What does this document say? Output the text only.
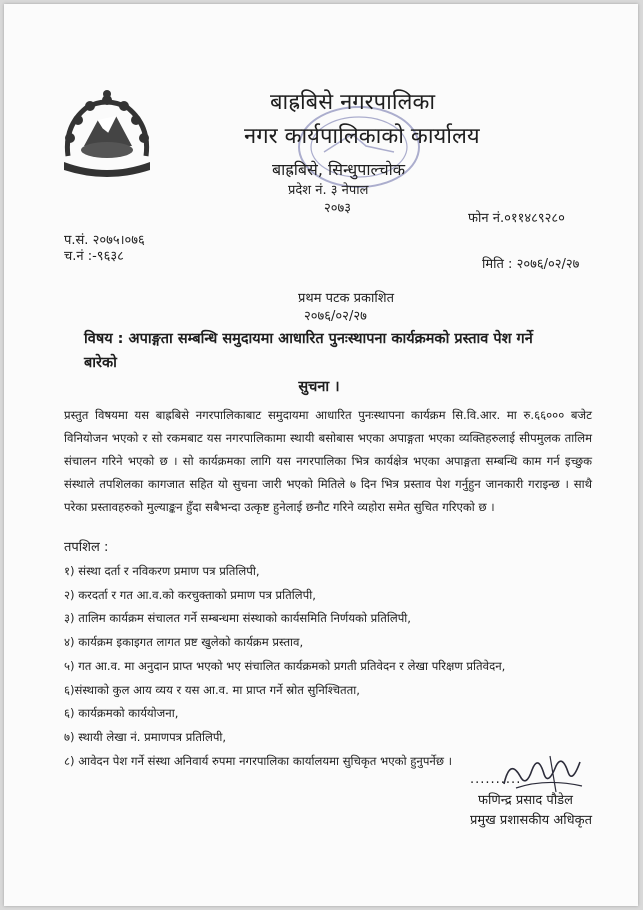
बाह्रबिसे नगरपालिका
नगर कार्यपालिकाको कार्यालय
बाह्रबिसे, सिन्धुपाल्चोक
प्रदेश नं. ३ नेपाल
२०७३
फोन नं.०११४८९२८०
प.सं. २०७५।०७६
च.नं :-९६३८
मिति : २०७६/०२/२७
प्रथम पटक प्रकाशित
२०७६/०२/२७
विषय : अपाङ्गता सम्बन्धि समुदायमा आधारित पुनःस्थापना कार्यक्रमको प्रस्ताव पेश गर्ने बारेको
सुचना ।
प्रस्तुत विषयमा यस बाह्रबिसे नगरपालिकाबाट समुदायमा आधारित पुनःस्थापना कार्यक्रम सि.वि.आर. मा रु.६६००० बजेट विनियोजन भएको र सो रकमबाट यस नगरपालिकामा स्थायी बसोबास भएका अपाङ्गता भएका व्यक्तिहरुलाई सीपमुलक तालिम संचालन गरिने भएको छ । सो कार्यक्रमका लागि यस नगरपालिका भित्र कार्यक्षेत्र भएका अपाङ्गता सम्बन्धि काम गर्न इच्छुक संस्थाले तपशिलका कागजात सहित यो सुचना जारी भएको मितिले ७ दिन भित्र प्रस्ताव पेश गर्नुहुन जानकारी गराइन्छ । साथै परेका प्रस्तावहरुको मुल्याङ्कन हुँदा सबैभन्दा उत्कृष्ट हुनेलाई छनौट गरिने व्यहोरा समेत सुचित गरिएको छ ।
तपशिल :
१) संस्था दर्ता र नविकरण प्रमाण पत्र प्रतिलिपी,
२) करदर्ता र गत आ.व.को करचुक्ताको प्रमाण पत्र प्रतिलिपी,
३) तालिम कार्यक्रम संचालत गर्ने सम्बन्धमा संस्थाको कार्यसमिति निर्णयको प्रतिलिपी,
४) कार्यक्रम इकाइगत लागत प्रष्ट खुलेको कार्यक्रम प्रस्ताव,
५) गत आ.व. मा अनुदान प्राप्त भएको भए संचालित कार्यक्रमको प्रगती प्रतिवेदन र लेखा परिक्षण प्रतिवेदन,
६)संस्थाको कुल आय व्यय र यस आ.व. मा प्राप्त गर्ने स्रोत सुनिश्चितता,
६) कार्यक्रमको कार्ययोजना,
७) स्थायी लेखा नं. प्रमाणपत्र प्रतिलिपी,
८) आवेदन पेश गर्ने संस्था अनिवार्य रुपमा नगरपालिका कार्यालयमा सुचिकृत भएको हुनुपर्नेछ ।
..........
फणिन्द्र प्रसाद पौडेल
प्रमुख प्रशासकीय अधिकृत
